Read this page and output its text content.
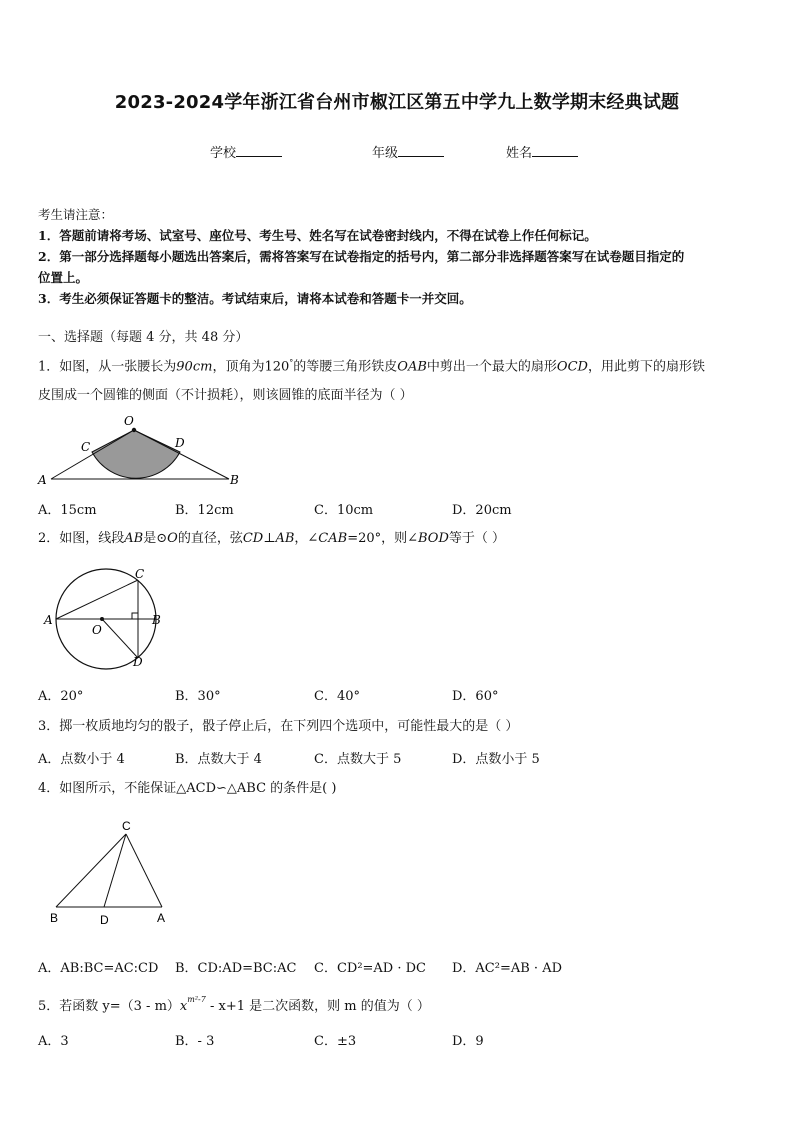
2023-2024学年浙江省台州市椒江区第五中学九上数学期末经典试题
学校	年级	姓名
考生请注意：
1．答题前请将考场、试室号、座位号、考生号、姓名写在试卷密封线内，不得在试卷上作任何标记。
2．第一部分选择题每小题选出答案后，需将答案写在试卷指定的括号内，第二部分非选择题答案写在试卷题目指定的
位置上。
3．考生必须保证答题卡的整洁。考试结束后，请将本试卷和答题卡一并交回。
一、选择题（每题 4 分，共 48 分）
1．如图，从一张腰长为90cm，顶角为120°的等腰三角形铁皮OAB中剪出一个最大的扇形OCD，用此剪下的扇形铁
皮围成一个圆锥的侧面（不计损耗），则该圆锥的底面半径为（ ）
O
C	D
A	B
A．15cm	B．12cm	C．10cm	D．20cm
2．如图，线段AB是⊙O的直径，弦CD⊥AB，∠CAB=20°，则∠BOD等于（ ）
A	B
C
D
O
A．20°	B．30°	C．40°	D．60°
3．掷一枚质地均匀的骰子，骰子停止后，在下列四个选项中，可能性最大的是（ ）
A．点数小于 4	B．点数大于 4	C．点数大于 5	D．点数小于 5
4．如图所示，不能保证△ACD∽△ABC 的条件是( )
C
B	D	A
A．AB:BC=AC:CD B．CD:AD=BC:AC C．CD²=AD · DC D．AC²=AB · AD
5．若函数 $y=(3 - m)x^{m^2-7} - x+1$ 是二次函数，则 m 的值为（ ）
A．3	B．- 3	C．±3	D．9
